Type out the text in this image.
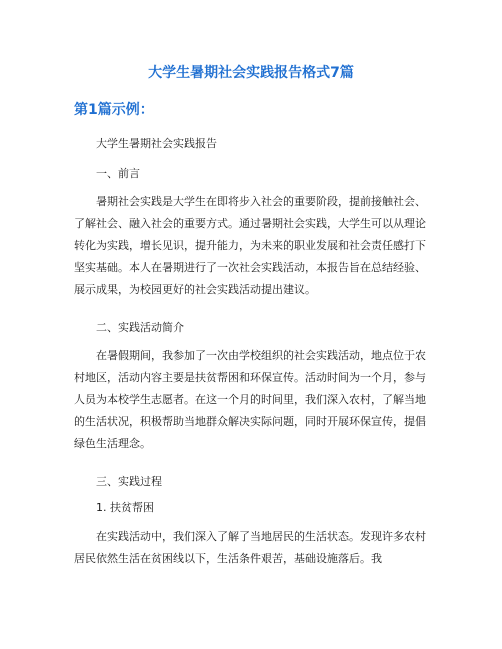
大学生暑期社会实践报告格式7篇
第1篇示例：
大学生暑期社会实践报告
一、前言
暑期社会实践是大学生在即将步入社会的重要阶段，提前接触社会、了解社会、融入社会的重要方式。通过暑期社会实践，大学生可以从理论转化为实践，增长见识，提升能力，为未来的职业发展和社会责任感打下坚实基础。本人在暑期进行了一次社会实践活动，本报告旨在总结经验、展示成果，为校园更好的社会实践活动提出建议。
二、实践活动简介
在暑假期间，我参加了一次由学校组织的社会实践活动，地点位于农村地区，活动内容主要是扶贫帮困和环保宣传。活动时间为一个月，参与人员为本校学生志愿者。在这一个月的时间里，我们深入农村，了解当地的生活状况，积极帮助当地群众解决实际问题，同时开展环保宣传，提倡绿色生活理念。
三、实践过程
1. 扶贫帮困
在实践活动中，我们深入了解了当地居民的生活状态。发现许多农村居民依然生活在贫困线以下，生活条件艰苦，基础设施落后。我
